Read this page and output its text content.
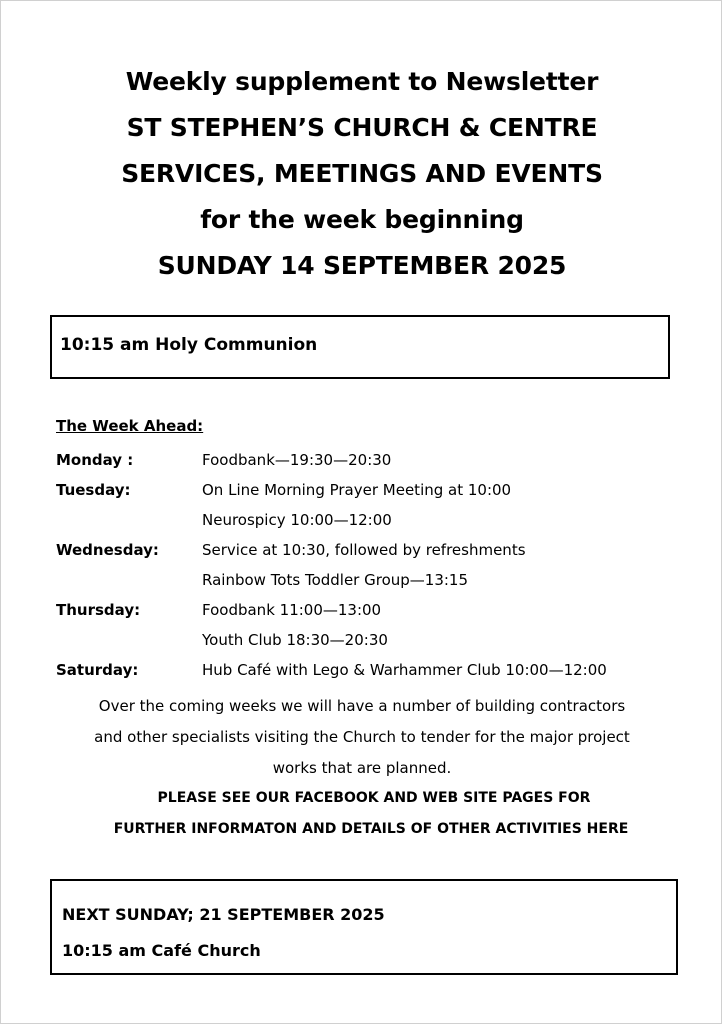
Weekly supplement to Newsletter
ST STEPHEN’S CHURCH & CENTRE
SERVICES, MEETINGS AND EVENTS
for the week beginning
SUNDAY 14 SEPTEMBER 2025
10:15 am Holy Communion
The Week Ahead:
Monday :	Foodbank—19:30—20:30
Tuesday:	On Line Morning Prayer Meeting at 10:00
Neurospicy 10:00—12:00
Wednesday:	Service at 10:30, followed by refreshments
Rainbow Tots Toddler Group—13:15
Thursday:	Foodbank 11:00—13:00
Youth Club 18:30—20:30
Saturday:	Hub Café with Lego & Warhammer Club 10:00—12:00
Over the coming weeks we will have a number of building contractors
and other specialists visiting the Church to tender for the major project
works that are planned.
PLEASE SEE OUR FACEBOOK AND WEB SITE PAGES FOR
FURTHER INFORMATON AND DETAILS OF OTHER ACTIVITIES HERE
NEXT SUNDAY; 21 SEPTEMBER 2025
10:15 am Café Church
